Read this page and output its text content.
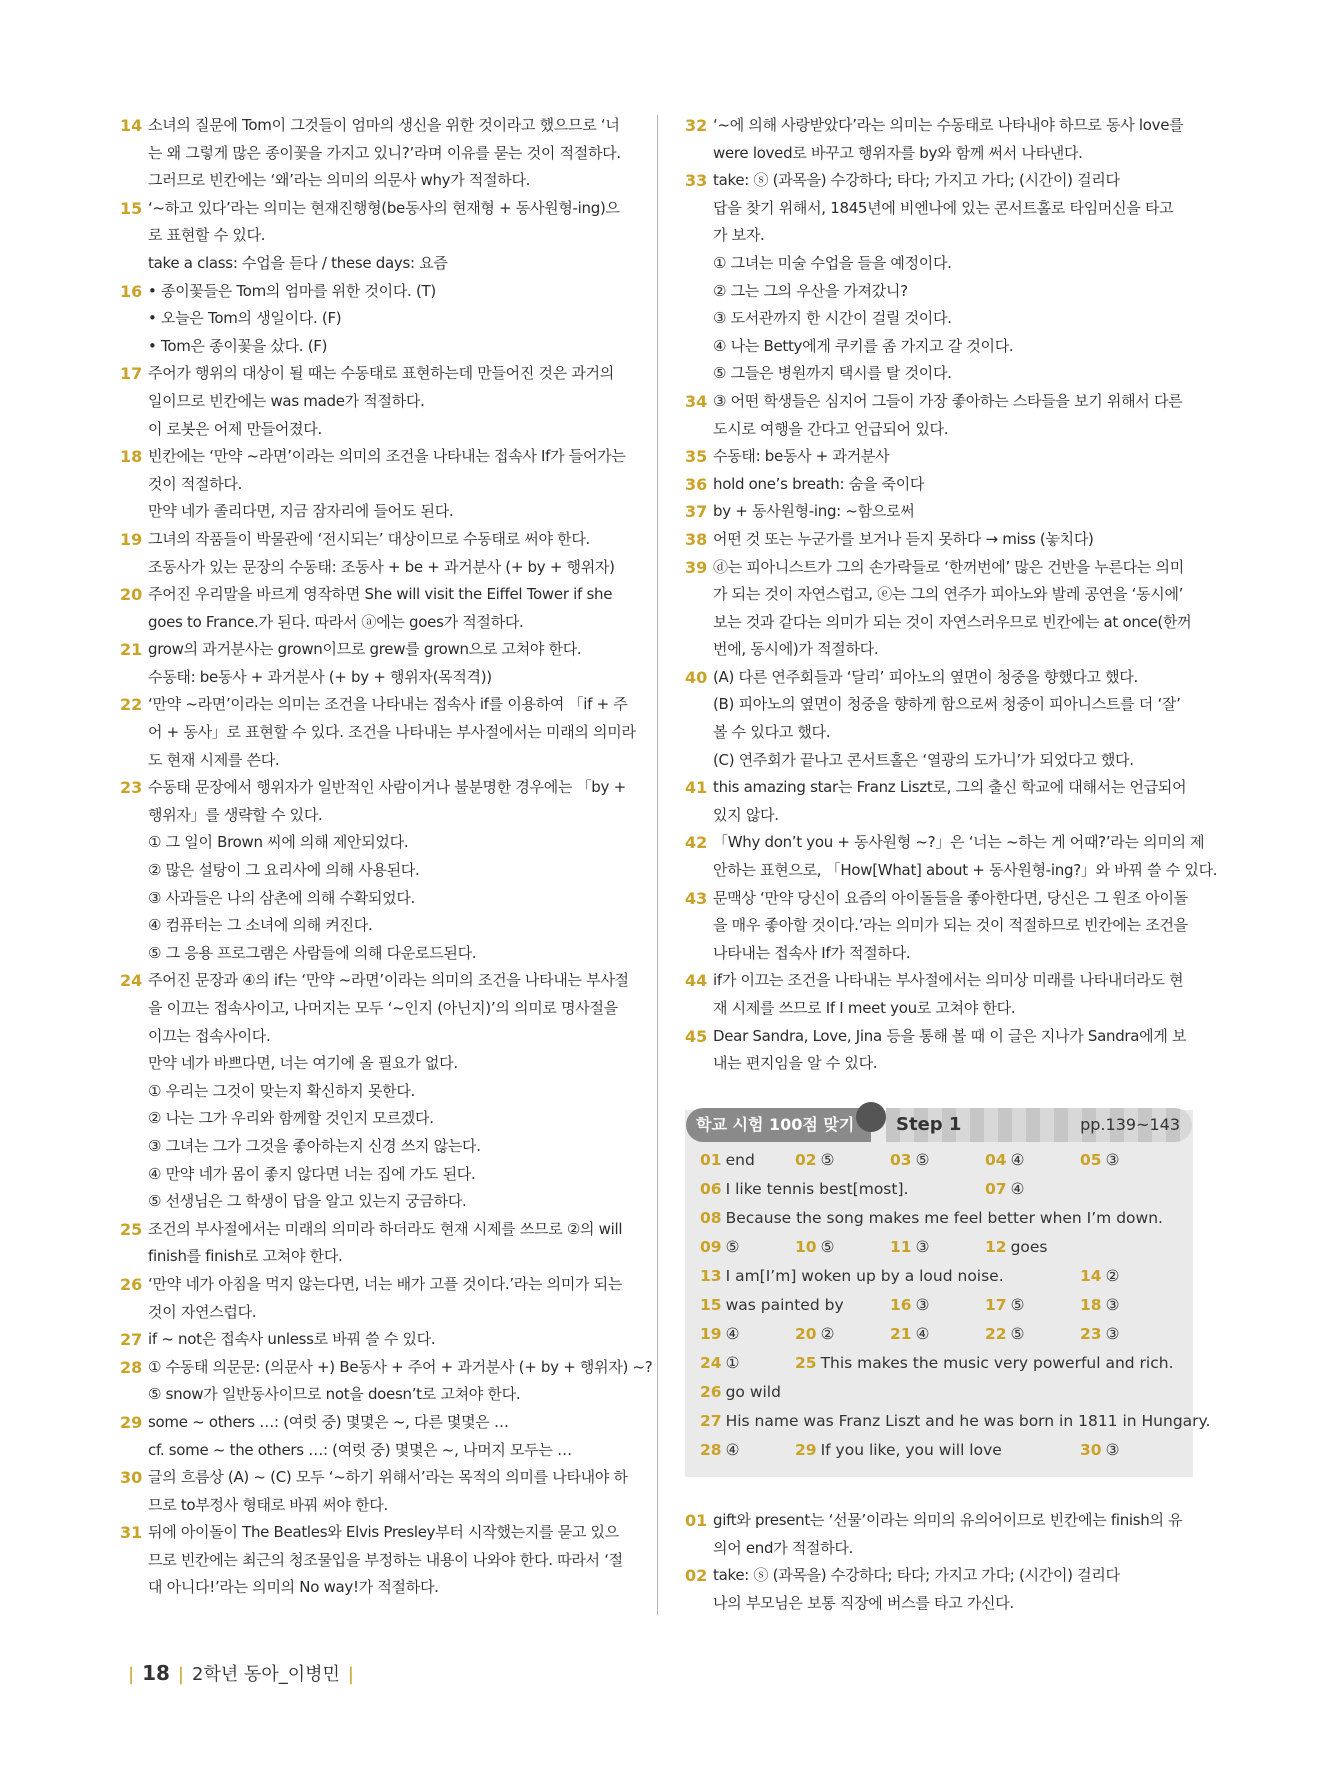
14 소녀의 질문에 Tom이 그것들이 엄마의 생신을 위한 것이라고 했으므로 ‘너
는 왜 그렇게 많은 종이꽃을 가지고 있니?’라며 이유를 묻는 것이 적절하다.
그러므로 빈칸에는 ‘왜’라는 의미의 의문사 why가 적절하다.
15 ‘~하고 있다’라는 의미는 현재진행형(be동사의 현재형 + 동사원형-ing)으
로 표현할 수 있다.
take a class: 수업을 듣다 / these days: 요즘
16 • 종이꽃들은 Tom의 엄마를 위한 것이다. (T)
• 오늘은 Tom의 생일이다. (F)
• Tom은 종이꽃을 샀다. (F)
17 주어가 행위의 대상이 될 때는 수동태로 표현하는데 만들어진 것은 과거의
일이므로 빈칸에는 was made가 적절하다.
이 로봇은 어제 만들어졌다.
18 빈칸에는 ‘만약 ~라면’이라는 의미의 조건을 나타내는 접속사 If가 들어가는
것이 적절하다.
만약 네가 졸리다면, 지금 잠자리에 들어도 된다.
19 그녀의 작품들이 박물관에 ‘전시되는’ 대상이므로 수동태로 써야 한다.
조동사가 있는 문장의 수동태: 조동사 + be + 과거분사 (+ by + 행위자)
20 주어진 우리말을 바르게 영작하면 She will visit the Eiffel Tower if she
goes to France.가 된다. 따라서 ⓐ에는 goes가 적절하다.
21 grow의 과거분사는 grown이므로 grew를 grown으로 고쳐야 한다.
수동태: be동사 + 과거분사 (+ by + 행위자(목적격))
22 ‘만약 ~라면’이라는 의미는 조건을 나타내는 접속사 if를 이용하여 「if + 주
어 + 동사」로 표현할 수 있다. 조건을 나타내는 부사절에서는 미래의 의미라
도 현재 시제를 쓴다.
23 수동태 문장에서 행위자가 일반적인 사람이거나 불분명한 경우에는 「by +
행위자」를 생략할 수 있다.
① 그 일이 Brown 씨에 의해 제안되었다.
② 많은 설탕이 그 요리사에 의해 사용된다.
③ 사과들은 나의 삼촌에 의해 수확되었다.
④ 컴퓨터는 그 소녀에 의해 켜진다.
⑤ 그 응용 프로그램은 사람들에 의해 다운로드된다.
24 주어진 문장과 ④의 if는 ‘만약 ~라면’이라는 의미의 조건을 나타내는 부사절
을 이끄는 접속사이고, 나머지는 모두 ‘~인지 (아닌지)’의 의미로 명사절을
이끄는 접속사이다.
만약 네가 바쁘다면, 너는 여기에 올 필요가 없다.
① 우리는 그것이 맞는지 확신하지 못한다.
② 나는 그가 우리와 함께할 것인지 모르겠다.
③ 그녀는 그가 그것을 좋아하는지 신경 쓰지 않는다.
④ 만약 네가 몸이 좋지 않다면 너는 집에 가도 된다.
⑤ 선생님은 그 학생이 답을 알고 있는지 궁금하다.
25 조건의 부사절에서는 미래의 의미라 하더라도 현재 시제를 쓰므로 ②의 will
finish를 finish로 고쳐야 한다.
26 ‘만약 네가 아침을 먹지 않는다면, 너는 배가 고플 것이다.’라는 의미가 되는
것이 자연스럽다.
27 if ~ not은 접속사 unless로 바꿔 쓸 수 있다.
28 ① 수동태 의문문: (의문사 +) Be동사 + 주어 + 과거분사 (+ by + 행위자) ~?
⑤ snow가 일반동사이므로 not을 doesn’t로 고쳐야 한다.
29 some ~ others …: (여럿 중) 몇몇은 ~, 다른 몇몇은 …
cf. some ~ the others …: (여럿 중) 몇몇은 ~, 나머지 모두는 …
30 글의 흐름상 (A) ~ (C) 모두 ‘~하기 위해서’라는 목적의 의미를 나타내야 하
므로 to부정사 형태로 바꿔 써야 한다.
31 뒤에 아이돌이 The Beatles와 Elvis Presley부터 시작했는지를 묻고 있으
므로 빈칸에는 최근의 청조물입을 부정하는 내용이 나와야 한다. 따라서 ‘절
대 아니다!’라는 의미의 No way!가 적절하다.
32 ‘~에 의해 사랑받았다’라는 의미는 수동태로 나타내야 하므로 동사 love를
were loved로 바꾸고 행위자를 by와 함께 써서 나타낸다.
33 take: ⓢ (과목을) 수강하다; 타다; 가지고 가다; (시간이) 걸리다
답을 찾기 위해서, 1845년에 비엔나에 있는 콘서트홀로 타임머신을 타고
가 보자.
① 그녀는 미술 수업을 들을 예정이다.
② 그는 그의 우산을 가져갔니?
③ 도서관까지 한 시간이 걸릴 것이다.
④ 나는 Betty에게 쿠키를 좀 가지고 갈 것이다.
⑤ 그들은 병원까지 택시를 탈 것이다.
34 ③ 어떤 학생들은 심지어 그들이 가장 좋아하는 스타들을 보기 위해서 다른
도시로 여행을 간다고 언급되어 있다.
35 수동태: be동사 + 과거분사
36 hold one’s breath: 숨을 죽이다
37 by + 동사원형-ing: ~함으로써
38 어떤 것 또는 누군가를 보거나 듣지 못하다 → miss (놓치다)
39 ⓓ는 피아니스트가 그의 손가락들로 ‘한꺼번에’ 많은 건반을 누른다는 의미
가 되는 것이 자연스럽고, ⓔ는 그의 연주가 피아노와 발레 공연을 ‘동시에’
보는 것과 같다는 의미가 되는 것이 자연스러우므로 빈칸에는 at once(한꺼
번에, 동시에)가 적절하다.
40 (A) 다른 연주회들과 ‘달리’ 피아노의 옆면이 청중을 향했다고 했다.
(B) 피아노의 옆면이 청중을 향하게 함으로써 청중이 피아니스트를 더 ‘잘’
볼 수 있다고 했다.
(C) 연주회가 끝나고 콘서트홀은 ‘열광의 도가니’가 되었다고 했다.
41 this amazing star는 Franz Liszt로, 그의 출신 학교에 대해서는 언급되어
있지 않다.
42 「Why don’t you + 동사원형 ~?」은 ‘너는 ~하는 게 어때?’라는 의미의 제
안하는 표현으로, 「How[What] about + 동사원형-ing?」와 바꿔 쓸 수 있다.
43 문맥상 ‘만약 당신이 요즘의 아이돌들을 좋아한다면, 당신은 그 원조 아이돌
을 매우 좋아할 것이다.’라는 의미가 되는 것이 적절하므로 빈칸에는 조건을
나타내는 접속사 If가 적절하다.
44 if가 이끄는 조건을 나타내는 부사절에서는 의미상 미래를 나타내더라도 현
재 시제를 쓰므로 If I meet you로 고쳐야 한다.
45 Dear Sandra, Love, Jina 등을 통해 볼 때 이 글은 지나가 Sandra에게 보
내는 편지임을 알 수 있다.
학교 시험 100점 맞기	Step 1	pp.139~143
01 end	02 ⑤	03 ⑤	04 ④	05 ③
06 I like tennis best[most].	07 ④
08 Because the song makes me feel better when I’m down.
09 ⑤	10 ⑤	11 ③	12 goes
13 I am[I’m] woken up by a loud noise.	14 ②
15 was painted by	16 ③	17 ⑤	18 ③
19 ④	20 ②	21 ④	22 ⑤	23 ③
24 ①	25 This makes the music very powerful and rich.
26 go wild
27 His name was Franz Liszt and he was born in 1811 in Hungary.
28 ④	29 If you like, you will love	30 ③
01 gift와 present는 ‘선물’이라는 의미의 유의어이므로 빈칸에는 finish의 유
의어 end가 적절하다.
02 take: ⓢ (과목을) 수강하다; 타다; 가지고 가다; (시간이) 걸리다
나의 부모님은 보통 직장에 버스를 타고 가신다.
| 18 | 2학년 동아_이병민 |
